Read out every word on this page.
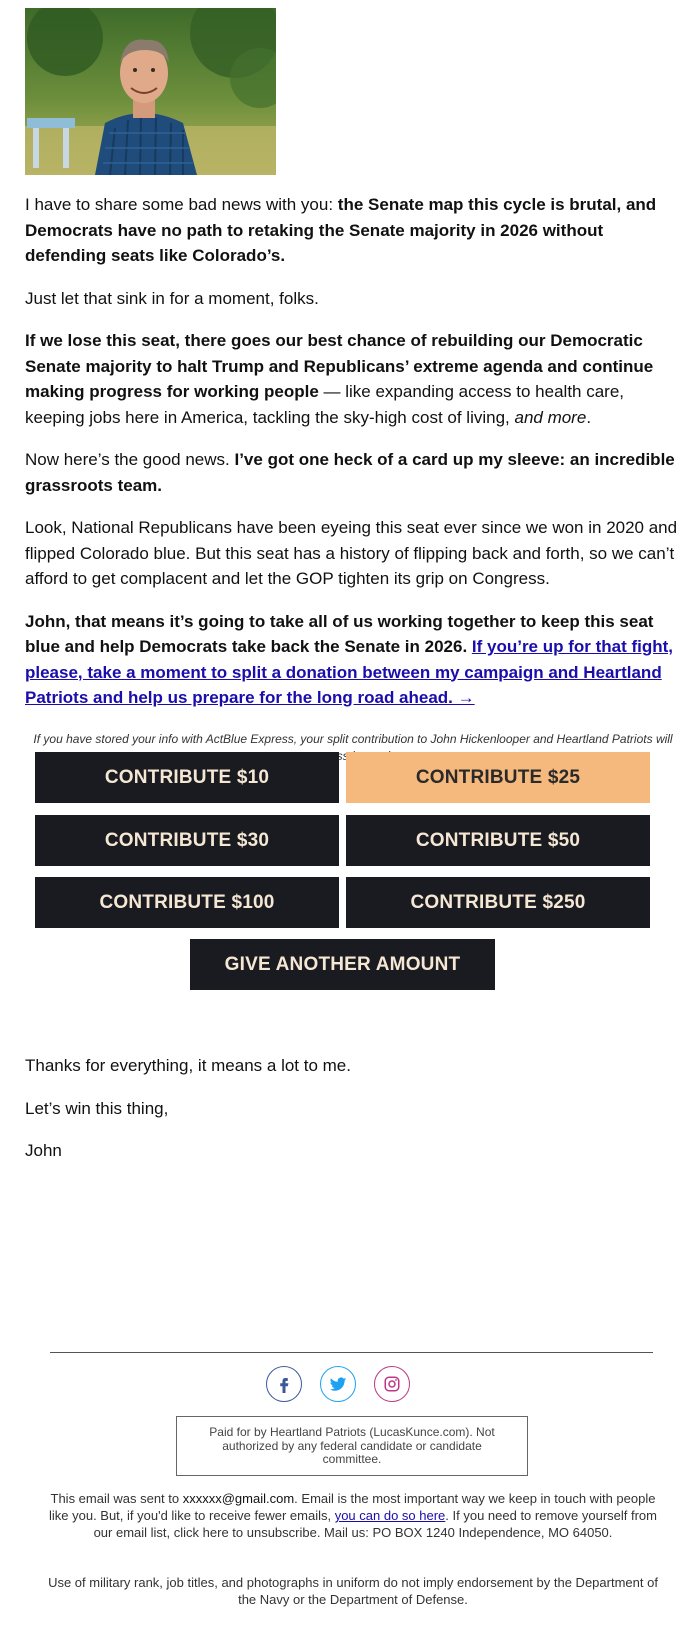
I have to share some bad news with you: the Senate map this cycle is brutal, and Democrats have no path to retaking the Senate majority in 2026 without defending seats like Colorado’s.

Just let that sink in for a moment, folks.

If we lose this seat, there goes our best chance of rebuilding our Democratic Senate majority to halt Trump and Republicans’ extreme agenda and continue making progress for working people — like expanding access to health care, keeping jobs here in America, tackling the sky-high cost of living, and more.

Now here’s the good news. I’ve got one heck of a card up my sleeve: an incredible grassroots team.

Look, National Republicans have been eyeing this seat ever since we won in 2020 and flipped Colorado blue. But this seat has a history of flipping back and forth, so we can’t afford to get complacent and let the GOP tighten its grip on Congress.

John, that means it’s going to take all of us working together to keep this seat blue and help Democrats take back the Senate in 2026. If you’re up for that fight, please, take a moment to split a donation between my campaign and Heartland Patriots and help us prepare for the long road ahead. →

If you have stored your info with ActBlue Express, your split contribution to John Hickenlooper and Heartland Patriots will
CONTRIBUTE $10	CONTRIBUTE $25
CONTRIBUTE $30	CONTRIBUTE $50
CONTRIBUTE $100	CONTRIBUTE $250
GIVE ANOTHER AMOUNT

Thanks for everything, it means a lot to me.

Let’s win this thing,

John

Paid for by Heartland Patriots (LucasKunce.com). Not authorized by any federal candidate or candidate committee.
This email was sent to xxxxxx@gmail.com. Email is the most important way we keep in touch with people like you. But, if you'd like to receive fewer emails, you can do so here. If you need to remove yourself from our email list, click here to unsubscribe. Mail us: PO BOX 1240 Independence, MO 64050.
Use of military rank, job titles, and photographs in uniform do not imply endorsement by the Department of the Navy or the Department of Defense.
